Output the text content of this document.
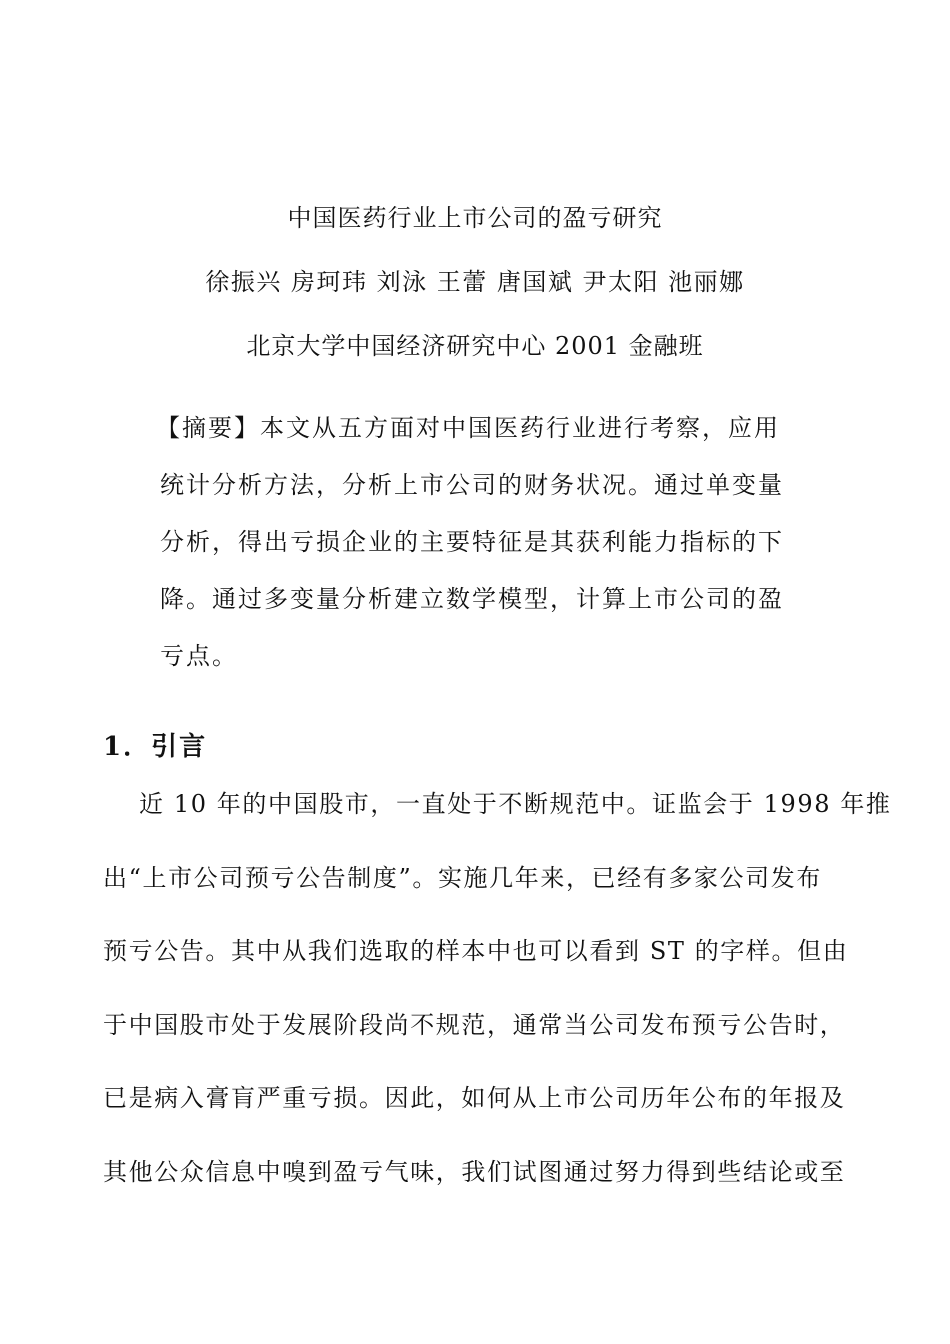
中国医药行业上市公司的盈亏研究
徐振兴 房珂玮 刘泳 王蕾 唐国斌 尹太阳 池丽娜
北京大学中国经济研究中心 2001 金融班
【摘要】本文从五方面对中国医药行业进行考察，应用
统计分析方法，分析上市公司的财务状况。通过单变量
分析，得出亏损企业的主要特征是其获利能力指标的下
降。通过多变量分析建立数学模型，计算上市公司的盈
亏点。
1．引言
近 10 年的中国股市，一直处于不断规范中。证监会于 1998 年推
出“上市公司预亏公告制度”。实施几年来，已经有多家公司发布
预亏公告。其中从我们选取的样本中也可以看到 ST 的字样。但由
于中国股市处于发展阶段尚不规范，通常当公司发布预亏公告时，
已是病入膏肓严重亏损。因此，如何从上市公司历年公布的年报及
其他公众信息中嗅到盈亏气味，我们试图通过努力得到些结论或至
